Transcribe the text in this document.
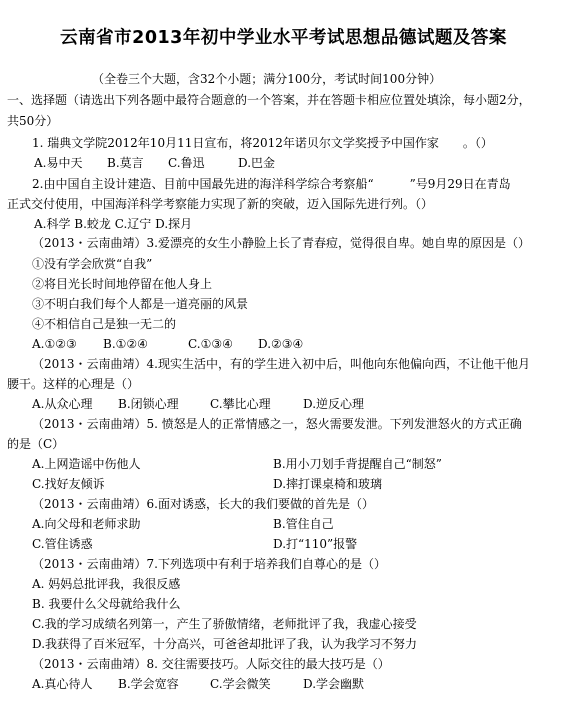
云南省市2013年初中学业水平考试思想品德试题及答案
（全卷三个大题，含32个小题；满分100分，考试时间100分钟）
一、选择题（请选出下列各题中最符合题意的一个答案，并在答题卡相应位置处填涂，每小题2分，
共50分）
1. 瑞典文学院2012年10月11日宣布，将2012年诺贝尔文学奖授予中国作家　　。（）
A.易中天 B.莫言 C.鲁迅	D.巴金
2.由中国自主设计建造、目前中国最先进的海洋科学综合考察船“　　　”号9月29日在青岛
正式交付使用，中国海洋科学考察能力实现了新的突破，迈入国际先进行列。（）
A.科学 B.蛟龙 C.辽宁 D.探月
（2013・云南曲靖）3.爱漂亮的女生小静脸上长了青春痘，觉得很自卑。她自卑的原因是（）
①没有学会欣赏“自我”
②将目光长时间地停留在他人身上
③不明白我们每个人都是一道亮丽的风景
④不相信自己是独一无二的
A.①②③ B.①②④	C.①③④ D.②③④
（2013・云南曲靖）4.现实生活中，有的学生进入初中后，叫他向东他偏向西，不让他干他月
腰干。这样的心理是（）
A.从众心理 B.闭锁心理	C.攀比心理	D.逆反心理
（2013・云南曲靖）5. 愤怒是人的正常情感之一，怒火需要发泄。下列发泄怒火的方式正确
的是（C）
A.上网造谣中伤他人	B.用小刀划手背提醒自己“制怒”
C.找好友倾诉	D.摔打课桌椅和玻璃
（2013・云南曲靖）6.面对诱惑，长大的我们要做的首先是（）
A.向父母和老师求助	B.管住自己
C.管住诱惑	D.打“110”报警
（2013・云南曲靖）7.下列选项中有利于培养我们自尊心的是（）
A. 妈妈总批评我，我很反感
B. 我要什么父母就给我什么
C.我的学习成绩名列第一，产生了骄傲情绪，老师批评了我，我虚心接受
D.我获得了百米冠军，十分高兴，可爸爸却批评了我，认为我学习不努力
（2013・云南曲靖）8. 交往需要技巧。人际交往的最大技巧是（）
A.真心待人 B.学会宽容	C.学会微笑	D.学会幽默
